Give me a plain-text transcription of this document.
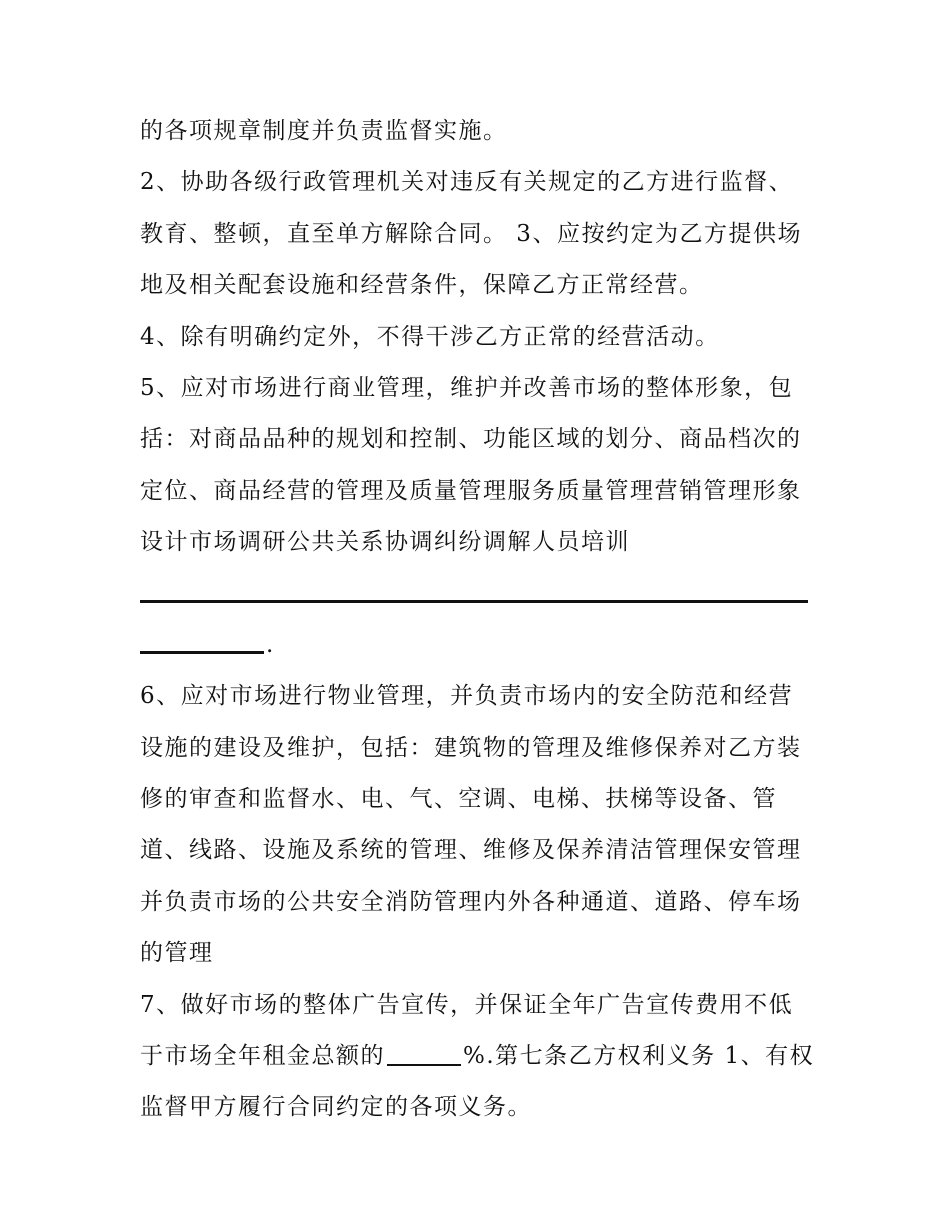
的各项规章制度并负责监督实施。
2、协助各级行政管理机关对违反有关规定的乙方进行监督、
教育、整顿，直至单方解除合同。 3、应按约定为乙方提供场
地及相关配套设施和经营条件，保障乙方正常经营。
4、除有明确约定外，不得干涉乙方正常的经营活动。
5、应对市场进行商业管理，维护并改善市场的整体形象，包
括：对商品品种的规划和控制、功能区域的划分、商品档次的
定位、商品经营的管理及质量管理服务质量管理营销管理形象
设计市场调研公共关系协调纠纷调解人员培训
.
6、应对市场进行物业管理，并负责市场内的安全防范和经营
设施的建设及维护，包括：建筑物的管理及维修保养对乙方装
修的审查和监督水、电、气、空调、电梯、扶梯等设备、管
道、线路、设施及系统的管理、维修及保养清洁管理保安管理
并负责市场的公共安全消防管理内外各种通道、道路、停车场
的管理
7、做好市场的整体广告宣传，并保证全年广告宣传费用不低
于市场全年租金总额的	%.第七条乙方权利义务 1、有权
监督甲方履行合同约定的各项义务。
